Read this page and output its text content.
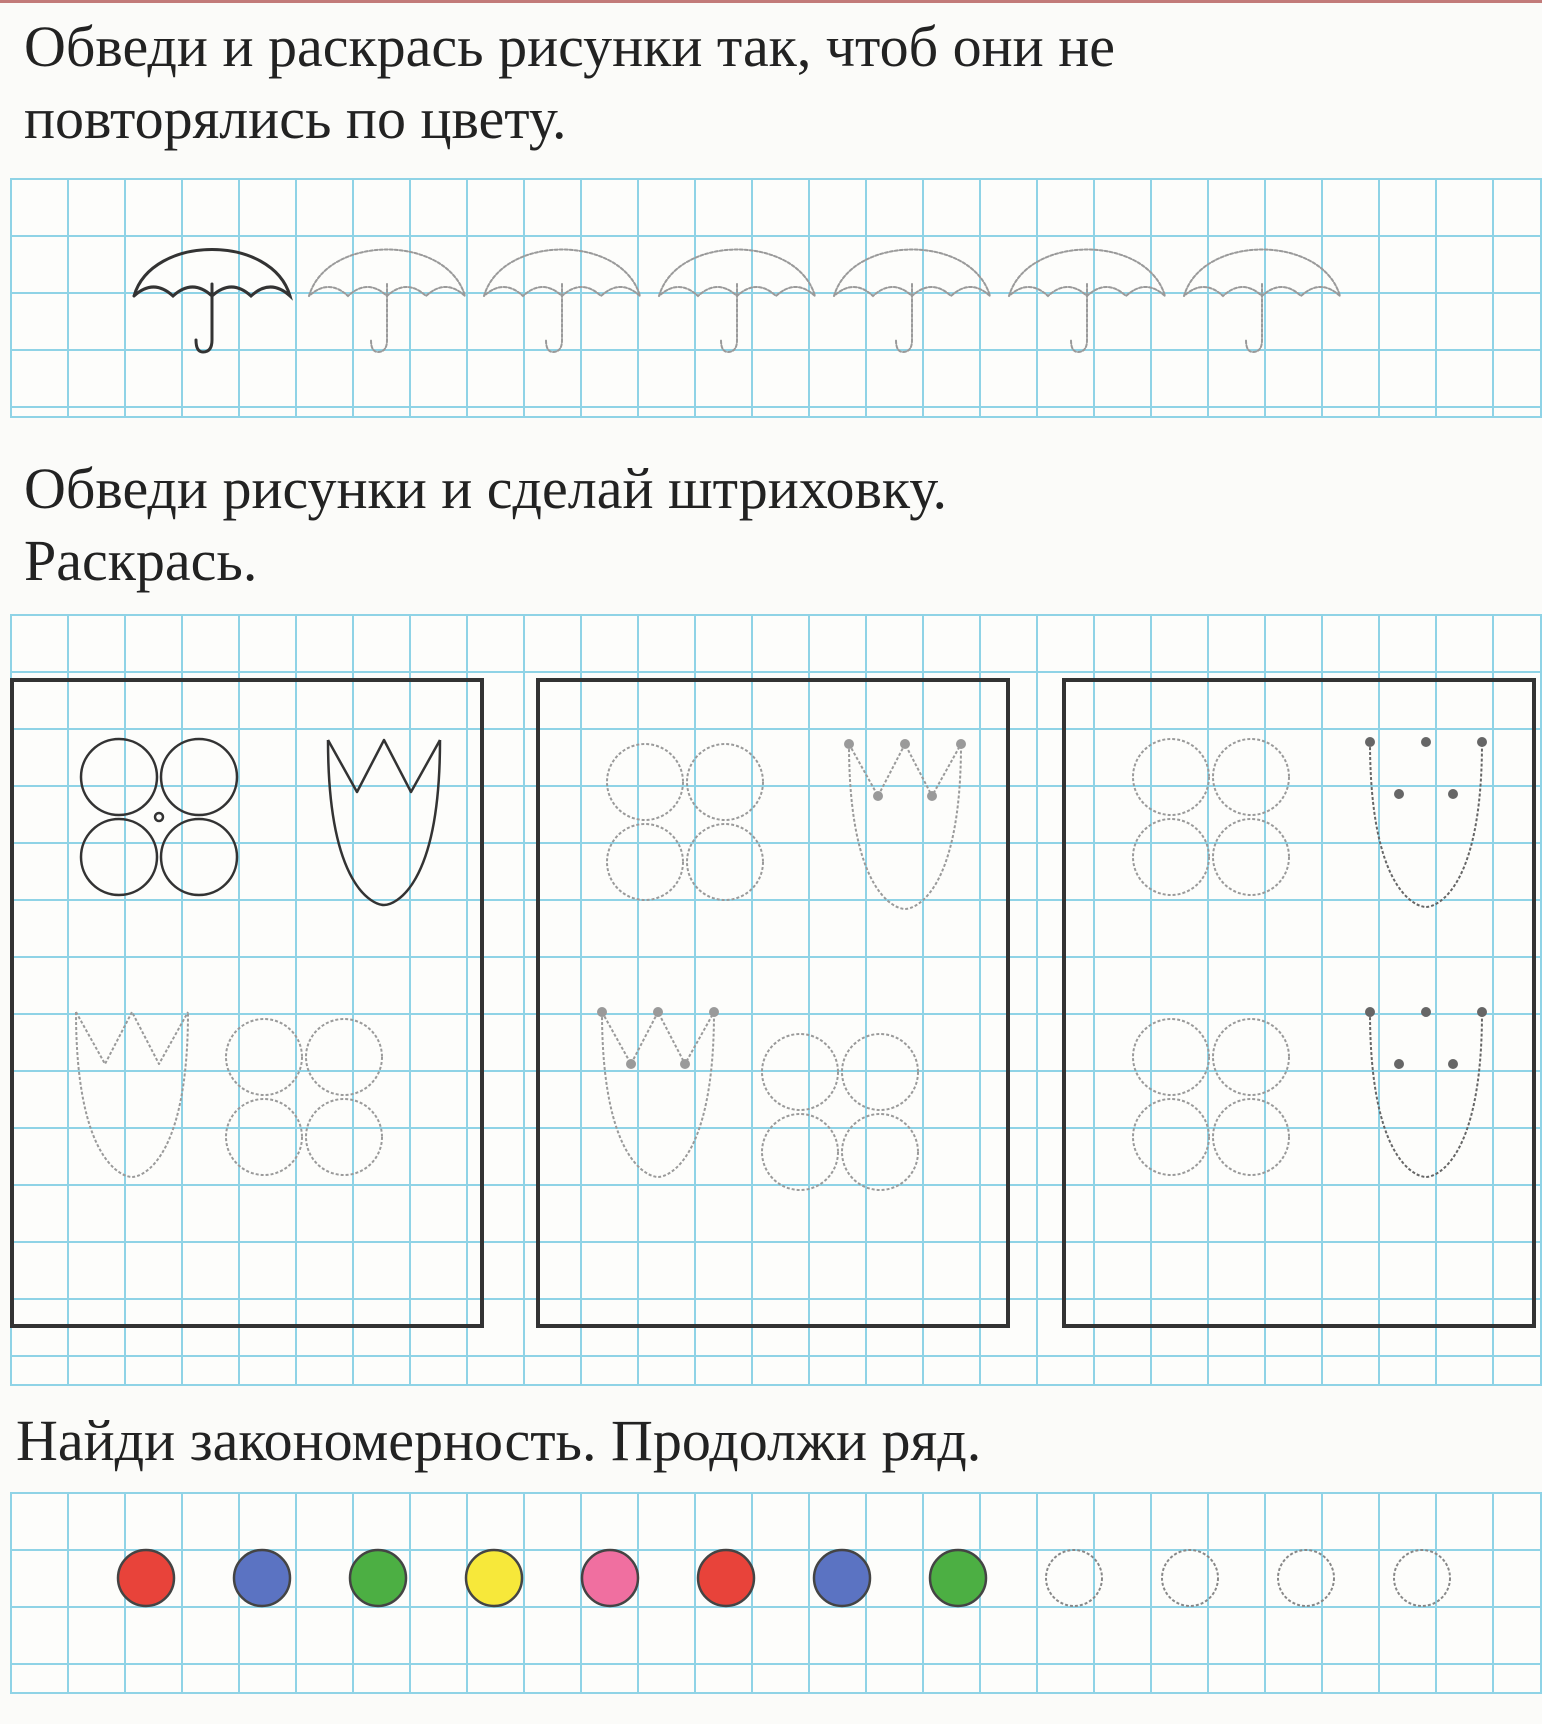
Обведи и раскрась рисунки так, чтоб они не
повторялись по цвету.
Обведи рисунки и сделай штриховку.
Раскрась.
Найди закономерность. Продолжи ряд.
